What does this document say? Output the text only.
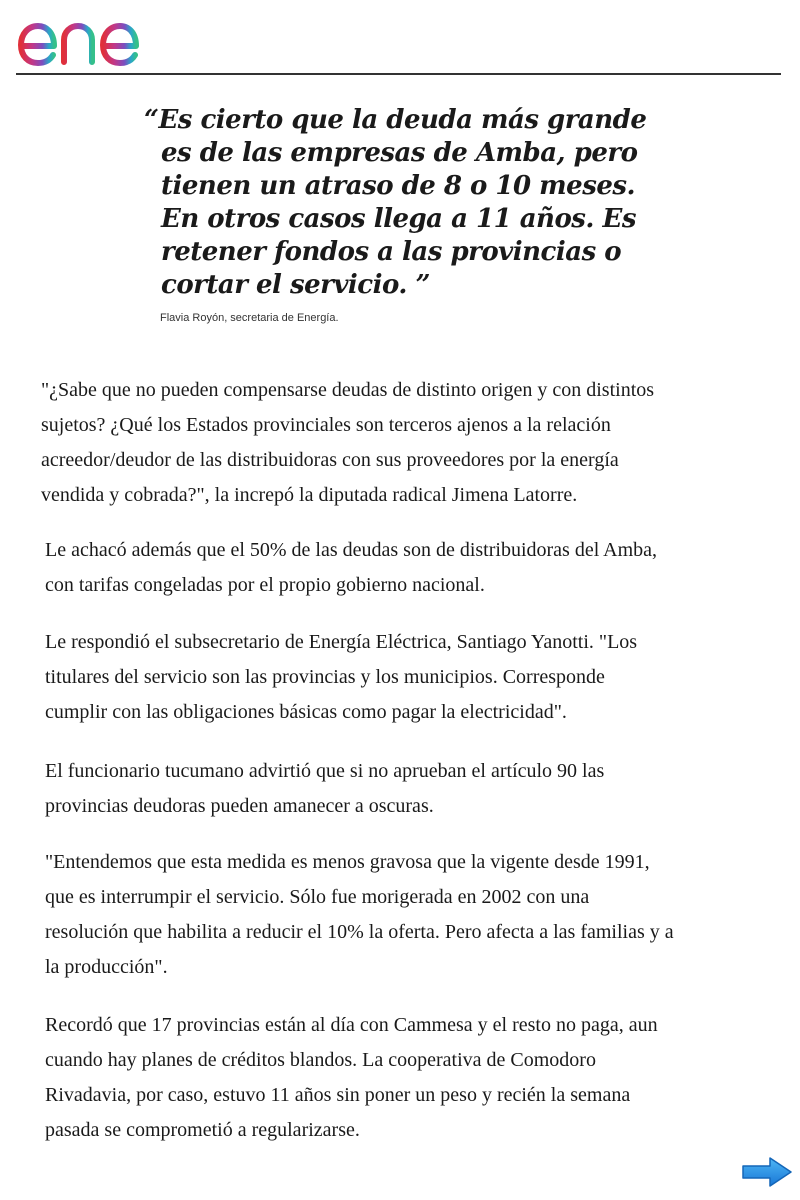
“Es cierto que la deuda más grande
es de las empresas de Amba, pero
tienen un atraso de 8 o 10 meses.
En otros casos llega a 11 años. Es
retener fondos a las provincias o
cortar el servicio. ”

Flavia Royón, secretaria de Energía.

"¿Sabe que no pueden compensarse deudas de distinto origen y con distintos
sujetos? ¿Qué los Estados provinciales son terceros ajenos a la relación
acreedor/deudor de las distribuidoras con sus proveedores por la energía
vendida y cobrada?", la increpó la diputada radical Jimena Latorre.

Le achacó además que el 50% de las deudas son de distribuidoras del Amba,
con tarifas congeladas por el propio gobierno nacional.

Le respondió el subsecretario de Energía Eléctrica, Santiago Yanotti. "Los
titulares del servicio son las provincias y los municipios. Corresponde
cumplir con las obligaciones básicas como pagar la electricidad".

El funcionario tucumano advirtió que si no aprueban el artículo 90 las
provincias deudoras pueden amanecer a oscuras.

"Entendemos que esta medida es menos gravosa que la vigente desde 1991,
que es interrumpir el servicio. Sólo fue morigerada en 2002 con una
resolución que habilita a reducir el 10% la oferta. Pero afecta a las familias y a
la producción".

Recordó que 17 provincias están al día con Cammesa y el resto no paga, aun
cuando hay planes de créditos blandos. La cooperativa de Comodoro
Rivadavia, por caso, estuvo 11 años sin poner un peso y recién la semana
pasada se comprometió a regularizarse.
